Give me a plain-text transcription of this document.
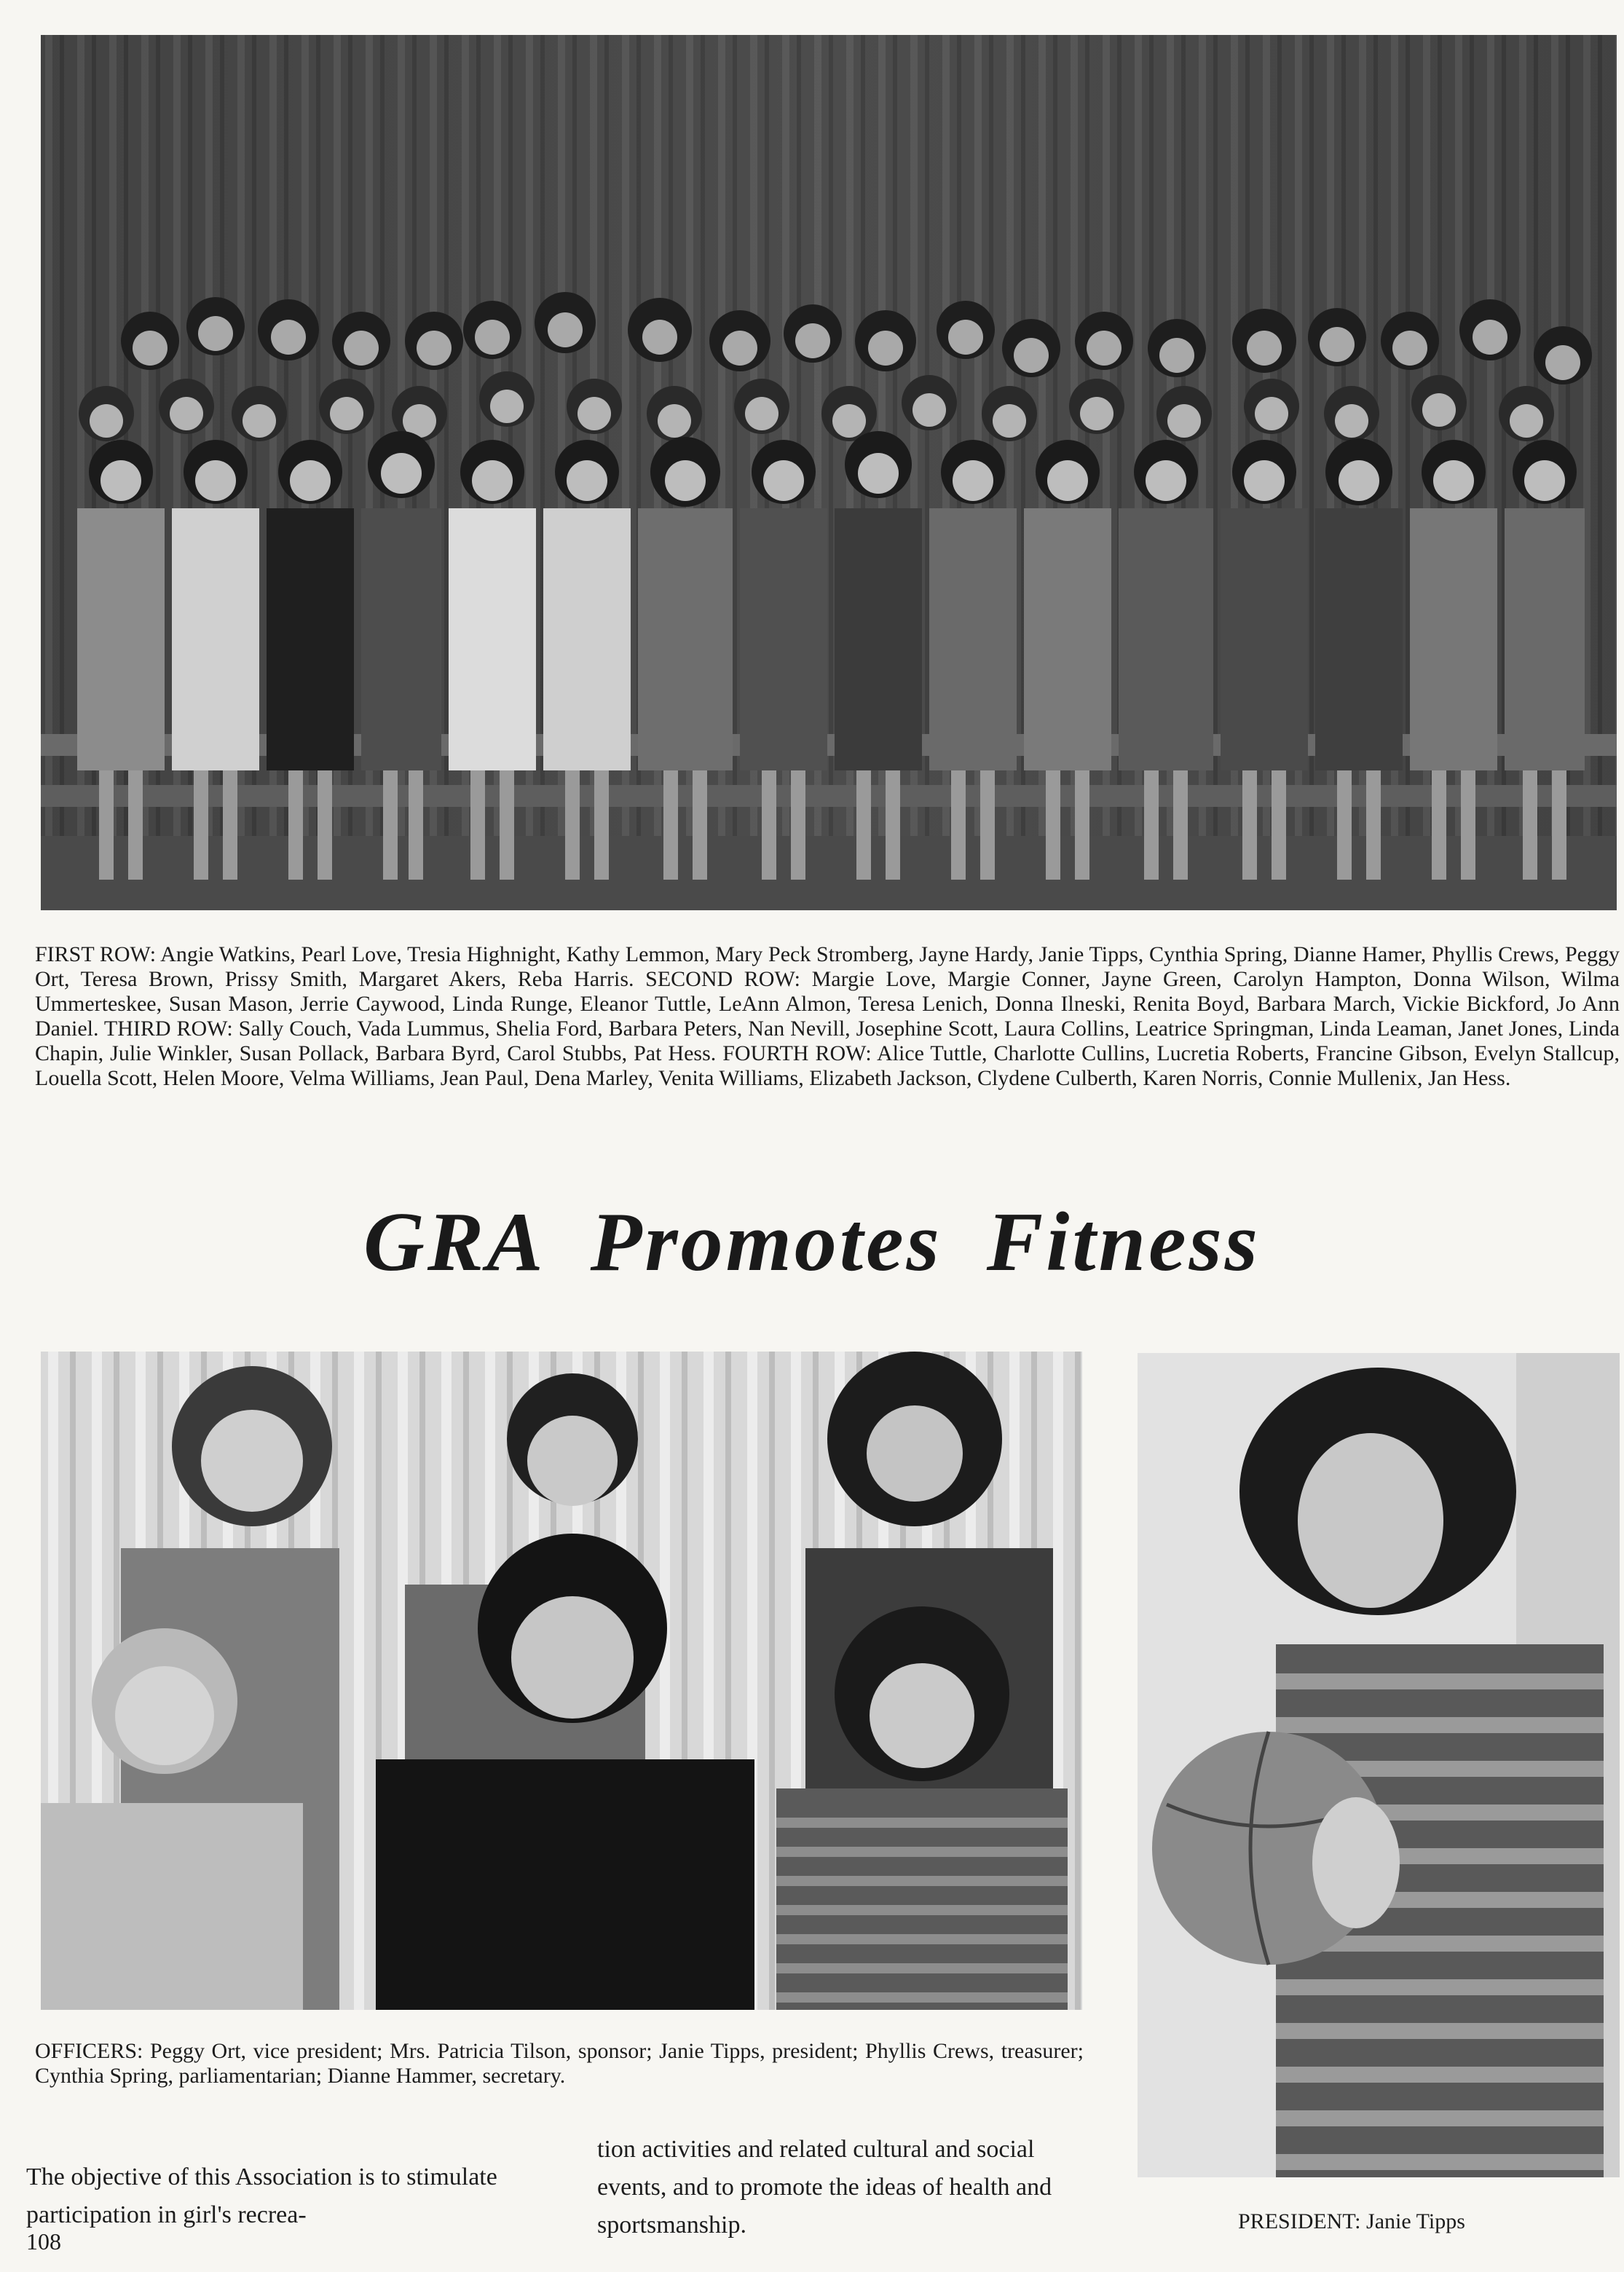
FIRST ROW: Angie Watkins, Pearl Love, Tresia Highnight, Kathy Lemmon, Mary Peck Stromberg, Jayne Hardy, Janie Tipps, Cynthia Spring, Dianne Hamer, Phyllis Crews, Peggy Ort, Teresa Brown, Prissy Smith, Margaret Akers, Reba Harris. SECOND ROW: Margie Love, Margie Conner, Jayne Green, Carolyn Hampton, Donna Wilson, Wilma Ummerteskee, Susan Mason, Jerrie Caywood, Linda Runge, Eleanor Tuttle, LeAnn Almon, Teresa Lenich, Donna Ilneski, Renita Boyd, Barbara March, Vickie Bickford, Jo Ann Daniel. THIRD ROW: Sally Couch, Vada Lummus, Shelia Ford, Barbara Peters, Nan Nevill, Josephine Scott, Laura Collins, Leatrice Springman, Linda Leaman, Janet Jones, Linda Chapin, Julie Winkler, Susan Pollack, Barbara Byrd, Carol Stubbs, Pat Hess. FOURTH ROW: Alice Tuttle, Charlotte Cullins, Lucretia Roberts, Francine Gibson, Evelyn Stallcup, Louella Scott, Helen Moore, Velma Williams, Jean Paul, Dena Marley, Venita Williams, Elizabeth Jackson, Clydene Culberth, Karen Norris, Connie Mullenix, Jan Hess.

GRA Promotes Fitness

OFFICERS: Peggy Ort, vice president; Mrs. Patricia Tilson, sponsor; Janie Tipps, president; Phyllis Crews, treasurer; Cynthia Spring, parliamentarian; Dianne Hammer, secretary.

The objective of this Association is to stimulate participation in girl's recrea-

tion activities and related cultural and social events, and to promote the ideas of health and sportsmanship.	PRESIDENT: Janie Tipps

108
